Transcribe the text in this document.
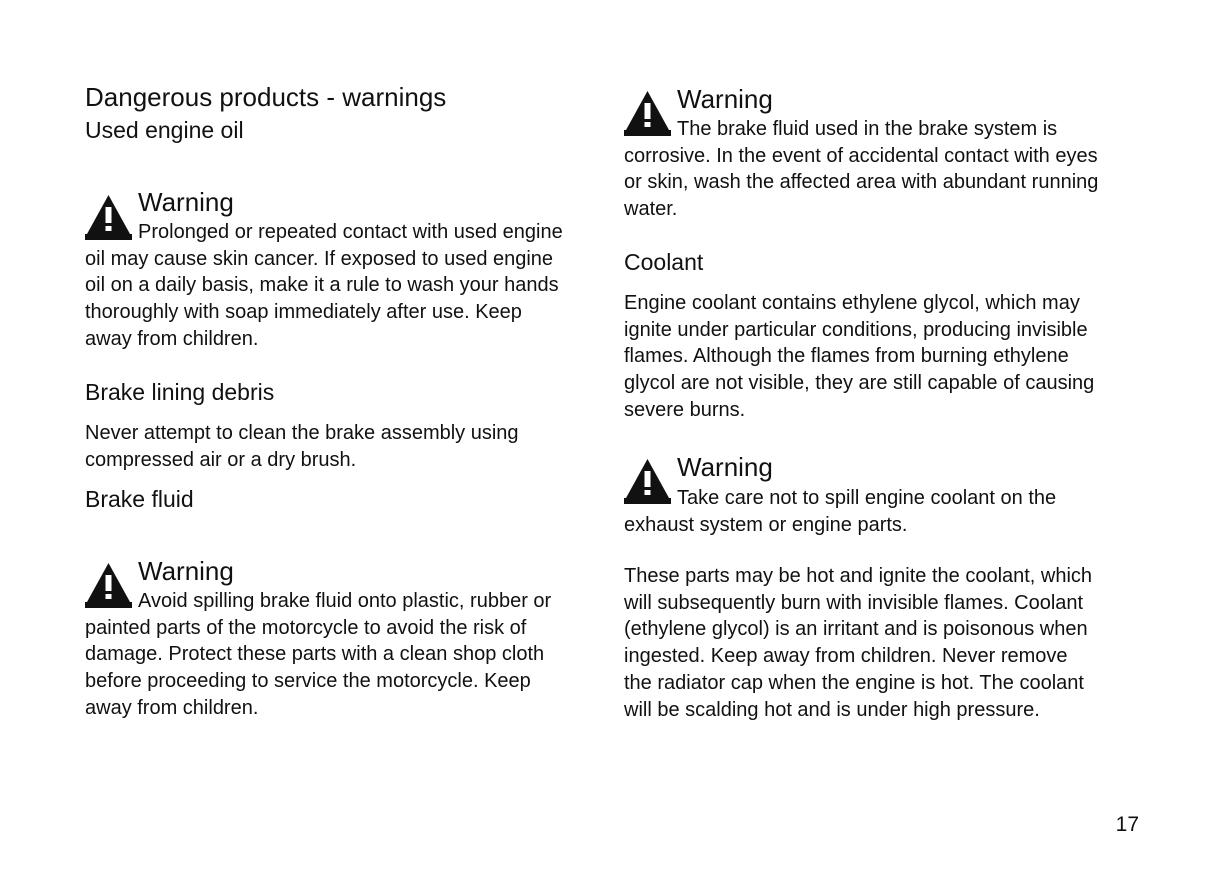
Dangerous products - warnings
Used engine oil
Warning
Prolonged or repeated contact with used engine
oil may cause skin cancer. If exposed to used engine
oil on a daily basis, make it a rule to wash your hands
thoroughly with soap immediately after use. Keep
away from children.
Brake lining debris
Never attempt to clean the brake assembly using
compressed air or a dry brush.
Brake fluid
Warning
Avoid spilling brake fluid onto plastic, rubber or
painted parts of the motorcycle to avoid the risk of
damage. Protect these parts with a clean shop cloth
before proceeding to service the motorcycle. Keep
away from children.
Warning
The brake fluid used in the brake system is
corrosive. In the event of accidental contact with eyes
or skin, wash the affected area with abundant running
water.
Coolant
Engine coolant contains ethylene glycol, which may
ignite under particular conditions, producing invisible
flames. Although the flames from burning ethylene
glycol are not visible, they are still capable of causing
severe burns.
Warning
Take care not to spill engine coolant on the
exhaust system or engine parts.
These parts may be hot and ignite the coolant, which
will subsequently burn with invisible flames. Coolant
(ethylene glycol) is an irritant and is poisonous when
ingested. Keep away from children. Never remove
the radiator cap when the engine is hot. The coolant
will be scalding hot and is under high pressure.
17
